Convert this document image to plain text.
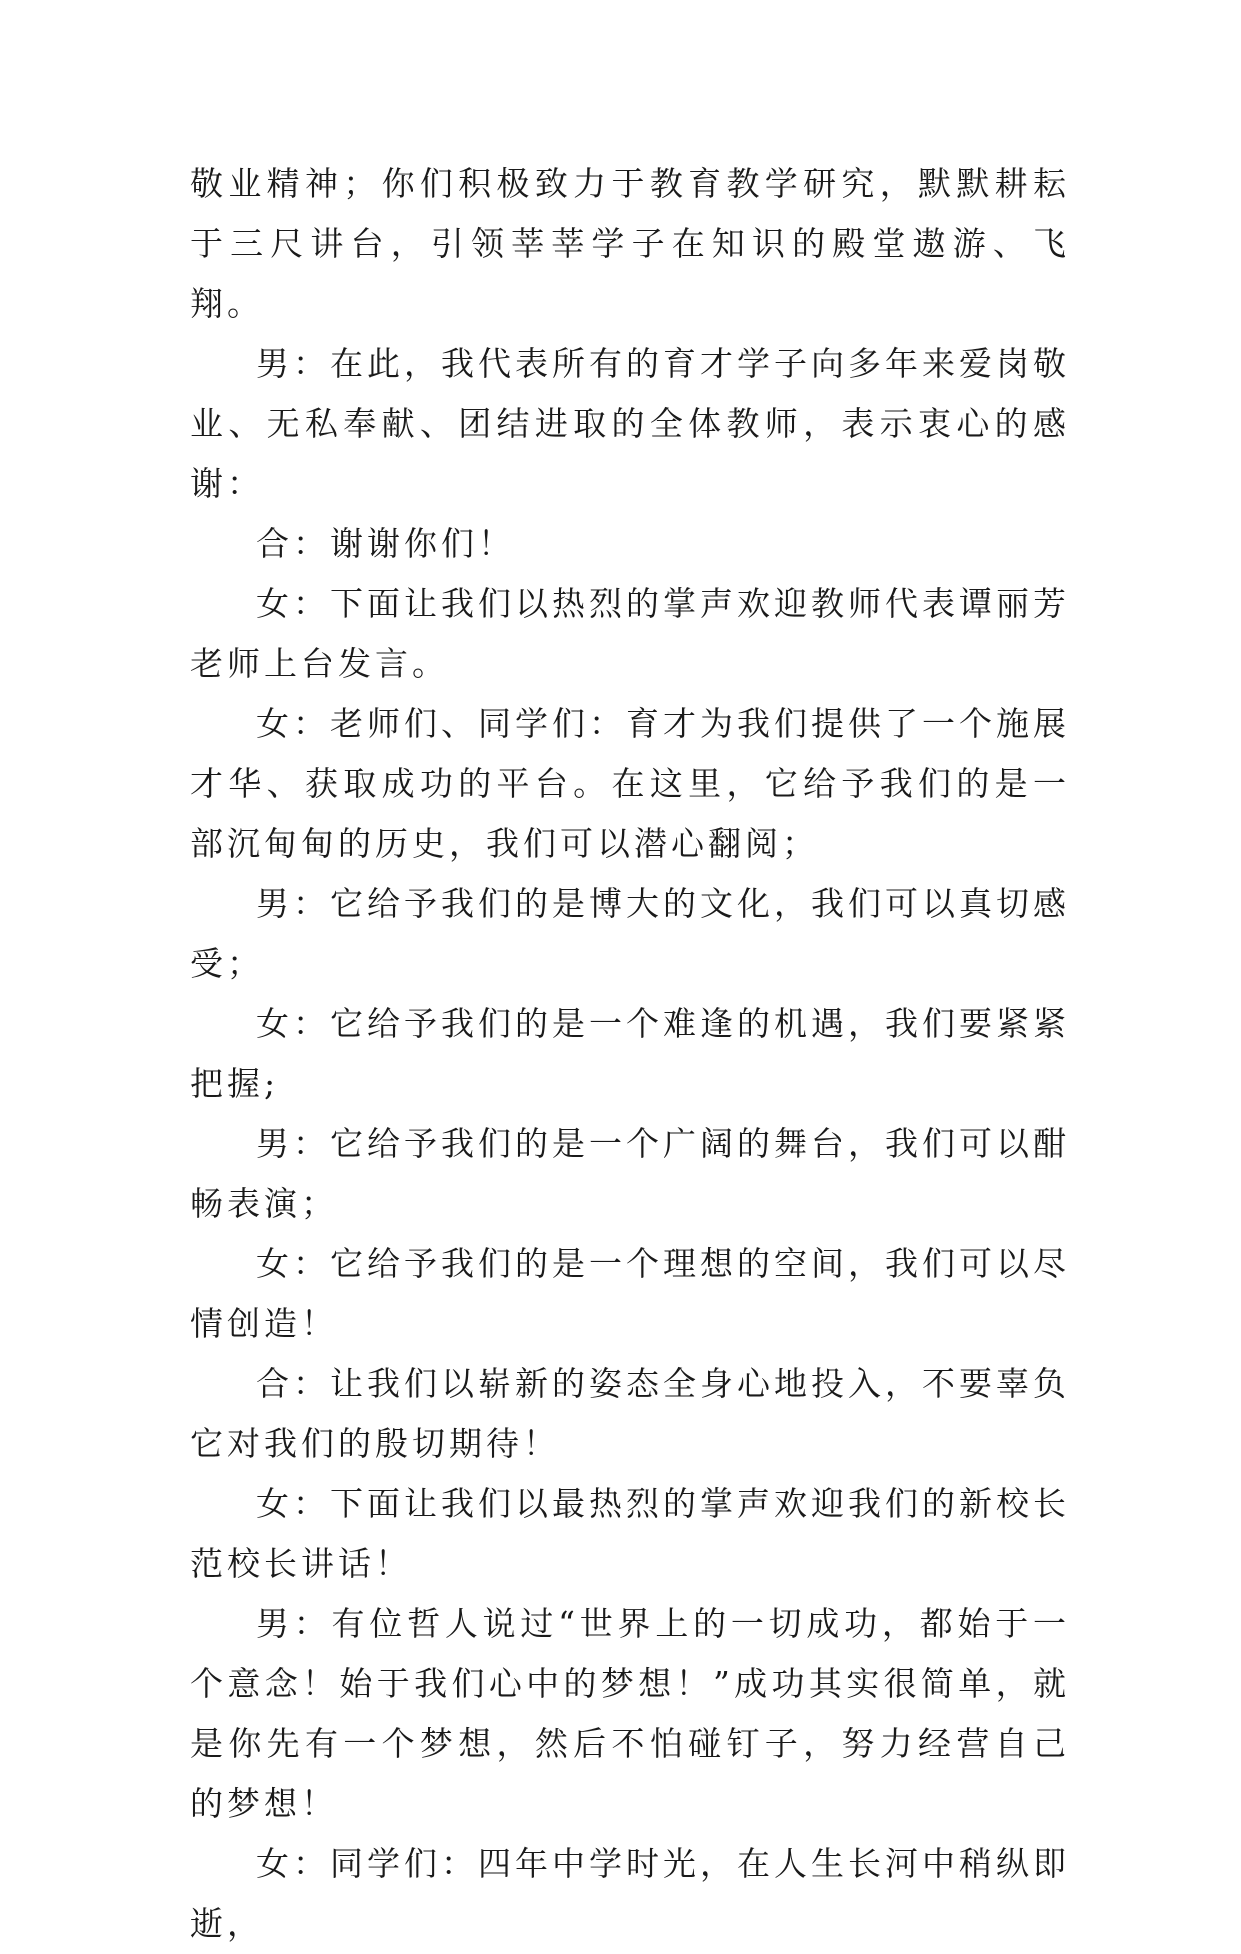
敬业精神；你们积极致力于教育教学研究，默默耕耘于三尺讲台，引领莘莘学子在知识的殿堂遨游、飞翔。

男：在此，我代表所有的育才学子向多年来爱岗敬业、无私奉献、团结进取的全体教师，表示衷心的感谢：

合：谢谢你们！

女：下面让我们以热烈的掌声欢迎教师代表谭丽芳老师上台发言。

女：老师们、同学们：育才为我们提供了一个施展才华、获取成功的平台。在这里，它给予我们的是一部沉甸甸的历史，我们可以潜心翻阅；

男：它给予我们的是博大的文化，我们可以真切感受；

女：它给予我们的是一个难逢的机遇，我们要紧紧把握;

男：它给予我们的是一个广阔的舞台，我们可以酣畅表演；

女：它给予我们的是一个理想的空间，我们可以尽情创造！

合：让我们以崭新的姿态全身心地投入，不要辜负它对我们的殷切期待！

女：下面让我们以最热烈的掌声欢迎我们的新校长范校长讲话！

男：有位哲人说过“世界上的一切成功，都始于一个意念！始于我们心中的梦想！”成功其实很简单，就是你先有一个梦想，然后不怕碰钉子，努力经营自己的梦想！

女：同学们：四年中学时光，在人生长河中稍纵即逝，
